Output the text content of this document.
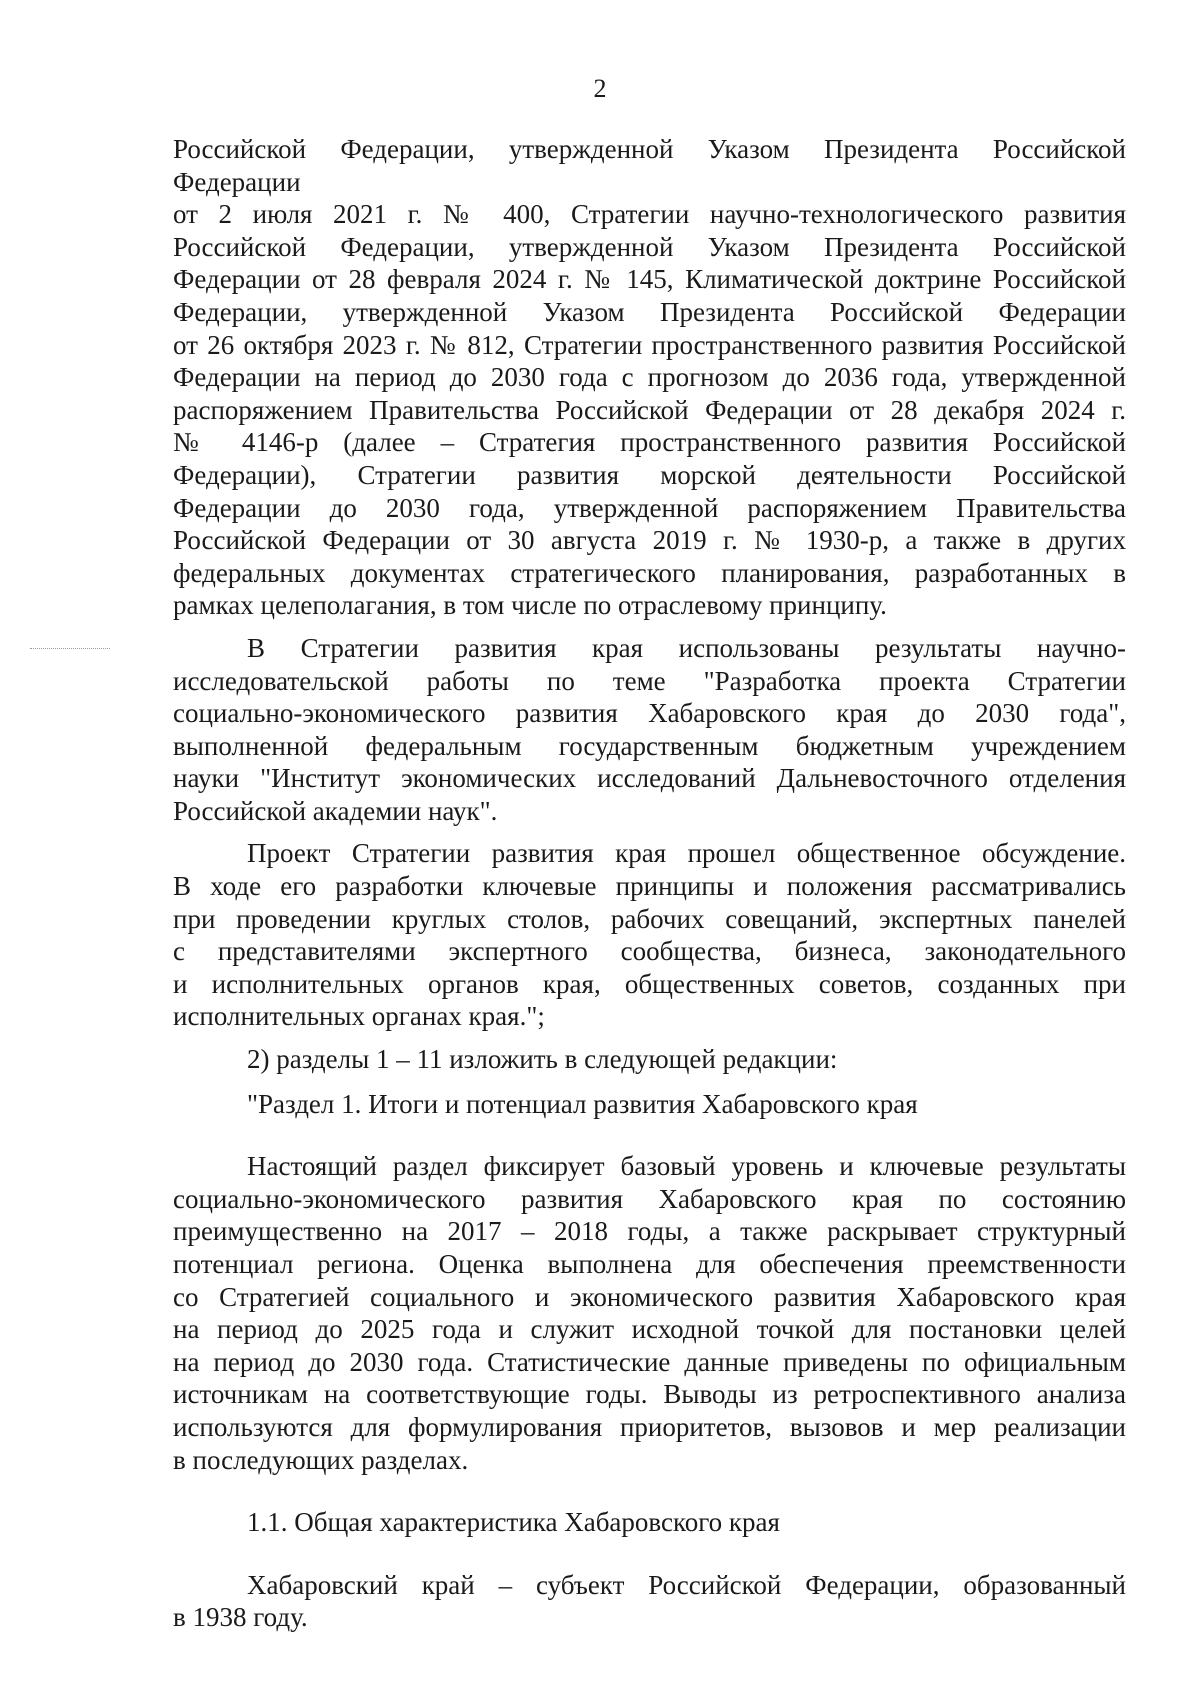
2
Российской Федерации, утвержденной Указом Президента Российской
Федерации
от 2 июля 2021 г. № 400, Стратегии научно-технологического развития
Российской Федерации, утвержденной Указом Президента Российской
Федерации от 28 февраля 2024 г. № 145, Климатической доктрине Российской
Федерации, утвержденной Указом Президента Российской Федерации
от 26 октября 2023 г. № 812, Стратегии пространственного развития Российской
Федерации на период до 2030 года с прогнозом до 2036 года, утвержденной
распоряжением Правительства Российской Федерации от 28 декабря 2024 г.
№ 4146-р (далее – Стратегия пространственного развития Российской
Федерации), Стратегии развития морской деятельности Российской
Федерации до 2030 года, утвержденной распоряжением Правительства
Российской Федерации от 30 августа 2019 г. № 1930-р, а также в других
федеральных документах стратегического планирования, разработанных в
рамках целеполагания, в том числе по отраслевому принципу.
В Стратегии развития края использованы результаты научно-
исследовательской работы по теме "Разработка проекта Стратегии
социально-экономического развития Хабаровского края до 2030 года",
выполненной федеральным государственным бюджетным учреждением
науки "Институт экономических исследований Дальневосточного отделения
Российской академии наук".
Проект Стратегии развития края прошел общественное обсуждение.
В ходе его разработки ключевые принципы и положения рассматривались
при проведении круглых столов, рабочих совещаний, экспертных панелей
с представителями экспертного сообщества, бизнеса, законодательного
и исполнительных органов края, общественных советов, созданных при
исполнительных органах края.";
2) разделы 1 – 11 изложить в следующей редакции:
"Раздел 1. Итоги и потенциал развития Хабаровского края
Настоящий раздел фиксирует базовый уровень и ключевые результаты
социально-экономического развития Хабаровского края по состоянию
преимущественно на 2017 – 2018 годы, а также раскрывает структурный
потенциал региона. Оценка выполнена для обеспечения преемственности
со Стратегией социального и экономического развития Хабаровского края
на период до 2025 года и служит исходной точкой для постановки целей
на период до 2030 года. Статистические данные приведены по официальным
источникам на соответствующие годы. Выводы из ретроспективного анализа
используются для формулирования приоритетов, вызовов и мер реализации
в последующих разделах.
1.1. Общая характеристика Хабаровского края
Хабаровский край – субъект Российской Федерации, образованный
в 1938 году.
